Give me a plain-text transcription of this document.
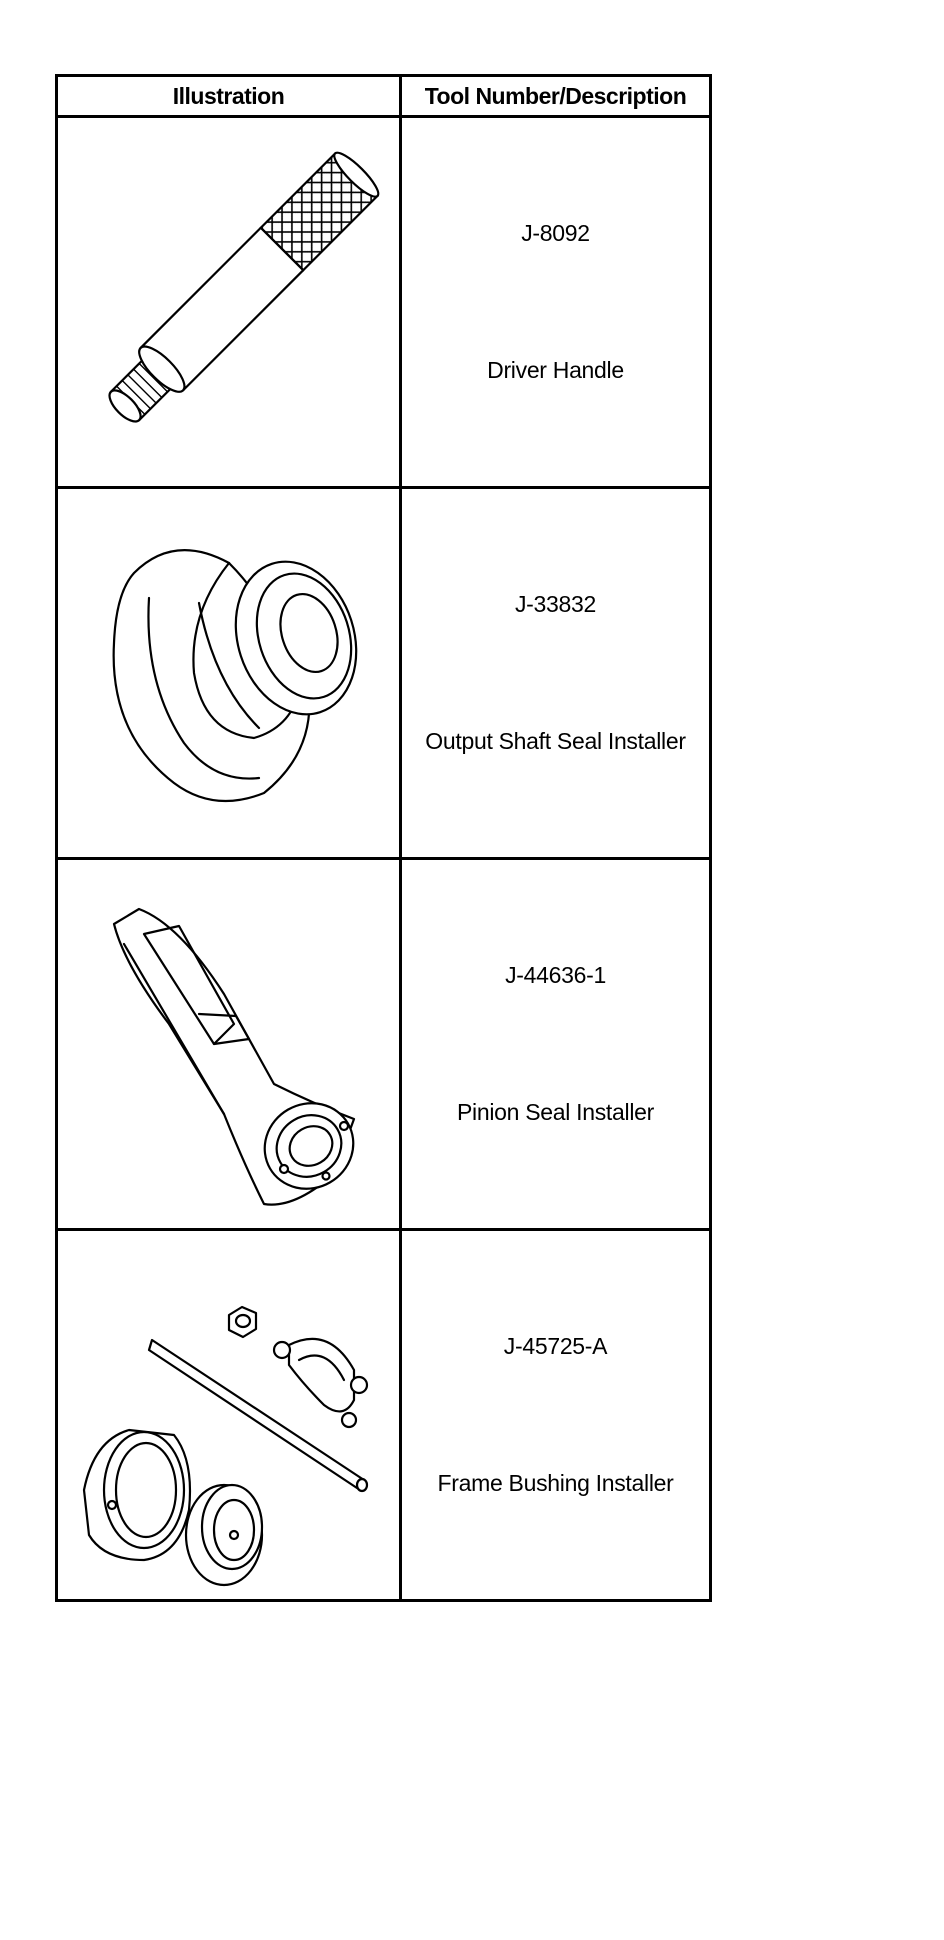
Illustration	Tool Number/Description

J-8092
Driver Handle

J-33832
Output Shaft Seal Installer

J-44636-1
Pinion Seal Installer

J-45725-A
Frame Bushing Installer
